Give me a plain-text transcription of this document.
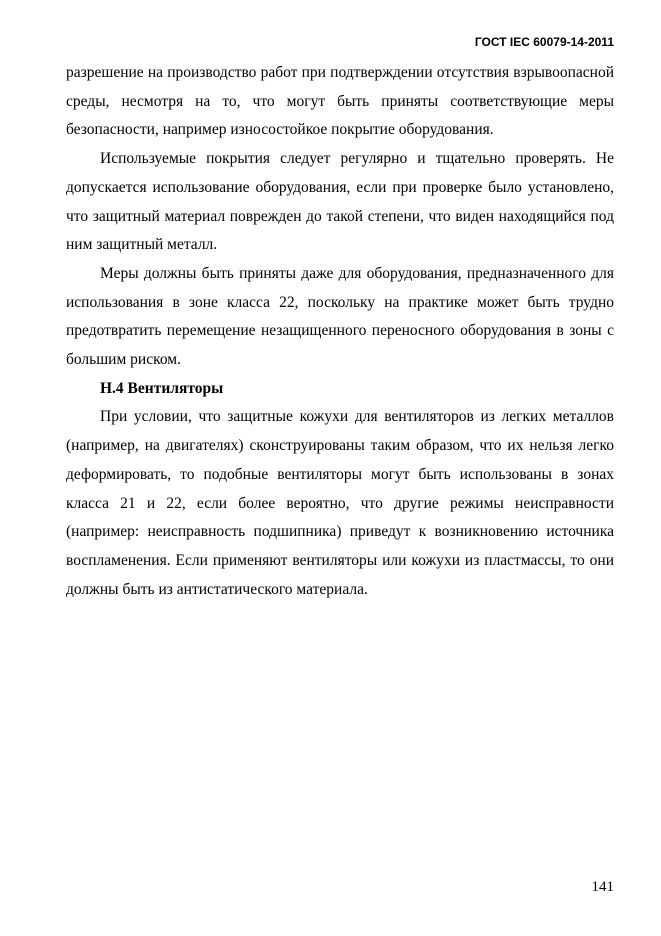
ГОСТ IEC 60079-14-2011

разрешение на производство работ при подтверждении отсутствия взрывоопасной среды, несмотря на то, что могут быть приняты соответствующие меры безопасности, например износостойкое покрытие оборудования.

Используемые покрытия следует регулярно и тщательно проверять. Не допускается использование оборудования, если при проверке было установлено, что защитный материал поврежден до такой степени, что виден находящийся под ним защитный металл.

Меры должны быть приняты даже для оборудования, предназначенного для использования в зоне класса 22, поскольку на практике может быть трудно предотвратить перемещение незащищенного переносного оборудования в зоны с большим риском.

Н.4 Вентиляторы

При условии, что защитные кожухи для вентиляторов из легких металлов (например, на двигателях) сконструированы таким образом, что их нельзя легко деформировать, то подобные вентиляторы могут быть использованы в зонах класса 21 и 22, если более вероятно, что другие режимы неисправности (например: неисправность подшипника) приведут к возникновению источника воспламенения. Если применяют вентиляторы или кожухи из пластмассы, то они должны быть из антистатического материала.

141
